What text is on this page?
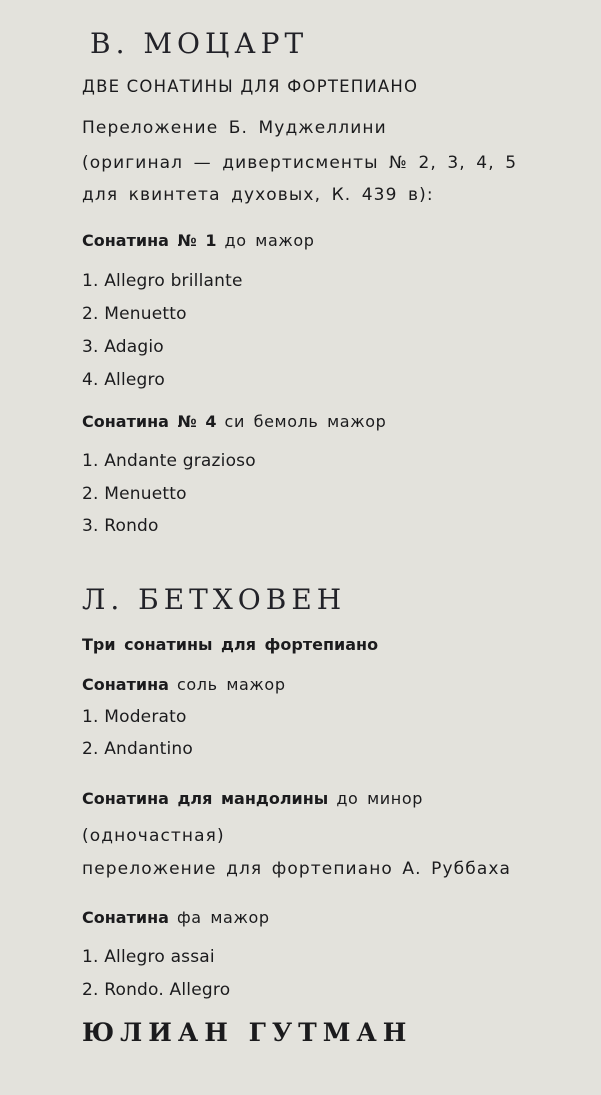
В. МОЦАРТ
ДВЕ СОНАТИНЫ ДЛЯ ФОРТЕПИАНО
Переложение Б. Муджеллини
(оригинал — дивертисменты № 2, 3, 4, 5
для квинтета духовых, К. 439 в):
Сонатина № 1 до мажор
1. Allegro brillante
2. Menuetto
3. Adagio
4. Allegro
Сонатина № 4 си бемоль мажор
1. Andante grazioso
2. Menuetto
3. Rondo
Л. БЕТХОВЕН
Три сонатины для фортепиано
Сонатина соль мажор
1. Moderato
2. Andantino
Сонатина для мандолины до минор
(одночастная)
переложение для фортепиано А. Руббаха
Сонатина фа мажор
1. Allegro assai
2. Rondo. Allegro
ЮЛИАН ГУТМАН
